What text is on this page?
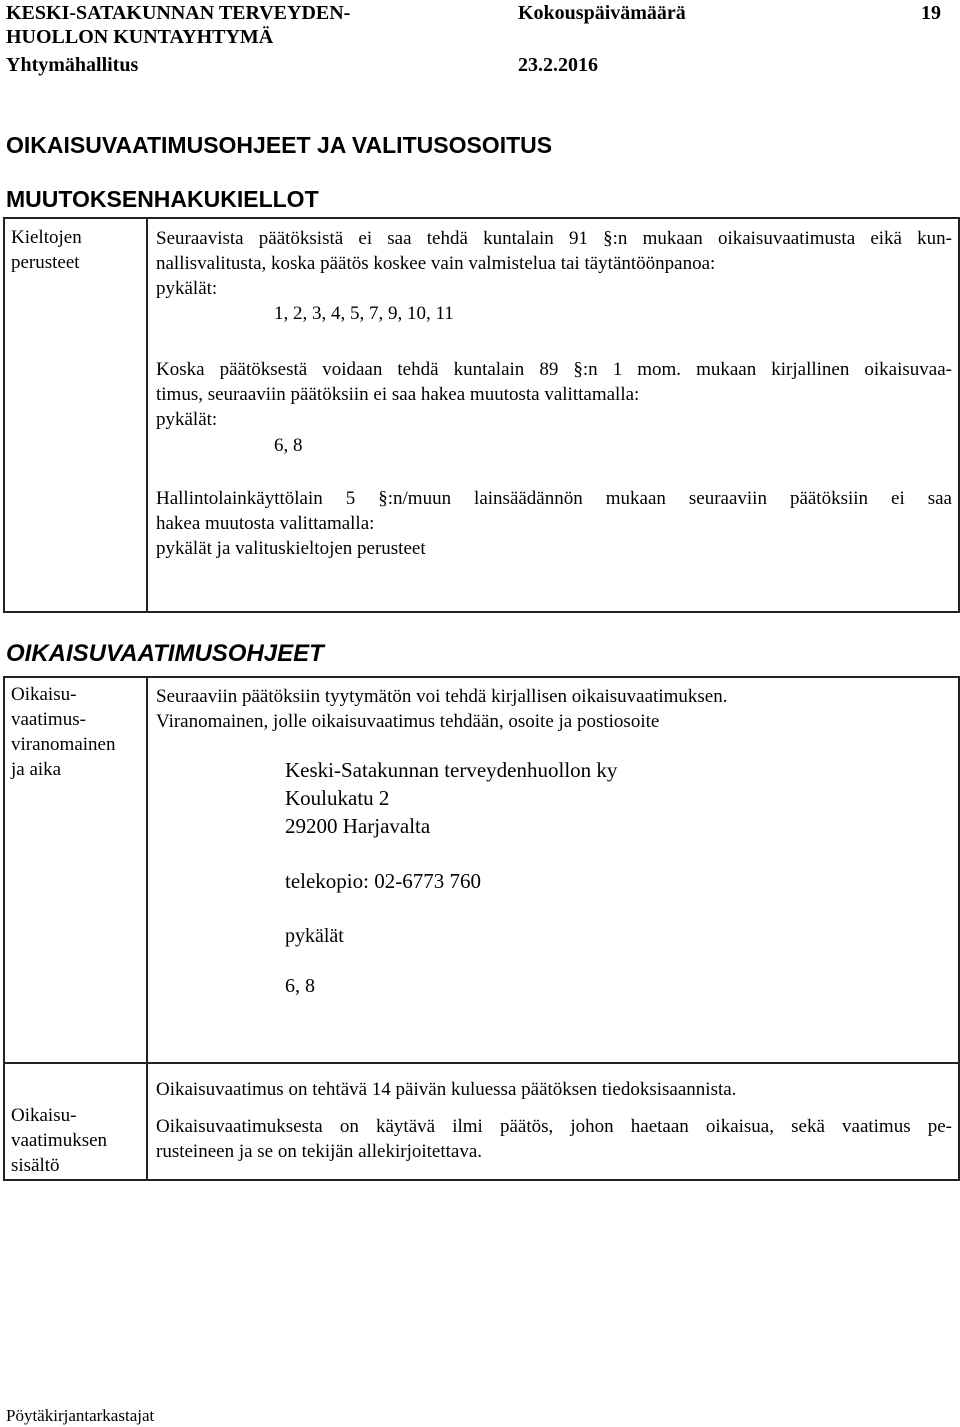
KESKI-SATAKUNNAN TERVEYDEN-
HUOLLON KUNTAYHTYMÄ
Yhtymähallitus
Kokouspäivämäärä
23.2.2016
19
OIKAISUVAATIMUSOHJEET JA VALITUSOSOITUS
MUUTOKSENHAKUKIELLOT
Kieltojen
perusteet
Seuraavista päätöksistä ei saa tehdä kuntalain 91 §:n mukaan oikaisuvaatimusta eikä kun-
nallisvalitusta, koska päätös koskee vain valmistelua tai täytäntöönpanoa:
pykälät:
1, 2, 3, 4, 5, 7, 9, 10, 11
Koska päätöksestä voidaan tehdä kuntalain 89 §:n 1 mom. mukaan kirjallinen oikaisuvaa-
timus, seuraaviin päätöksiin ei saa hakea muutosta valittamalla:
pykälät:
6, 8
Hallintolainkäyttölain 5 §:n/muun lainsäädännön mukaan seuraaviin päätöksiin ei saa
hakea muutosta valittamalla:
pykälät ja valituskieltojen perusteet
OIKAISUVAATIMUSOHJEET
Oikaisu-
vaatimus-
viranomainen
ja aika
Seuraaviin päätöksiin tyytymätön voi tehdä kirjallisen oikaisuvaatimuksen.
Viranomainen, jolle oikaisuvaatimus tehdään, osoite ja postiosoite
Keski-Satakunnan terveydenhuollon ky
Koulukatu 2
29200 Harjavalta
telekopio: 02-6773 760
pykälät
6, 8
Oikaisu-
vaatimuksen
sisältö
Oikaisuvaatimus on tehtävä 14 päivän kuluessa päätöksen tiedoksisaannista.
Oikaisuvaatimuksesta on käytävä ilmi päätös, johon haetaan oikaisua, sekä vaatimus pe-
rusteineen ja se on tekijän allekirjoitettava.
Pöytäkirjantarkastajat
